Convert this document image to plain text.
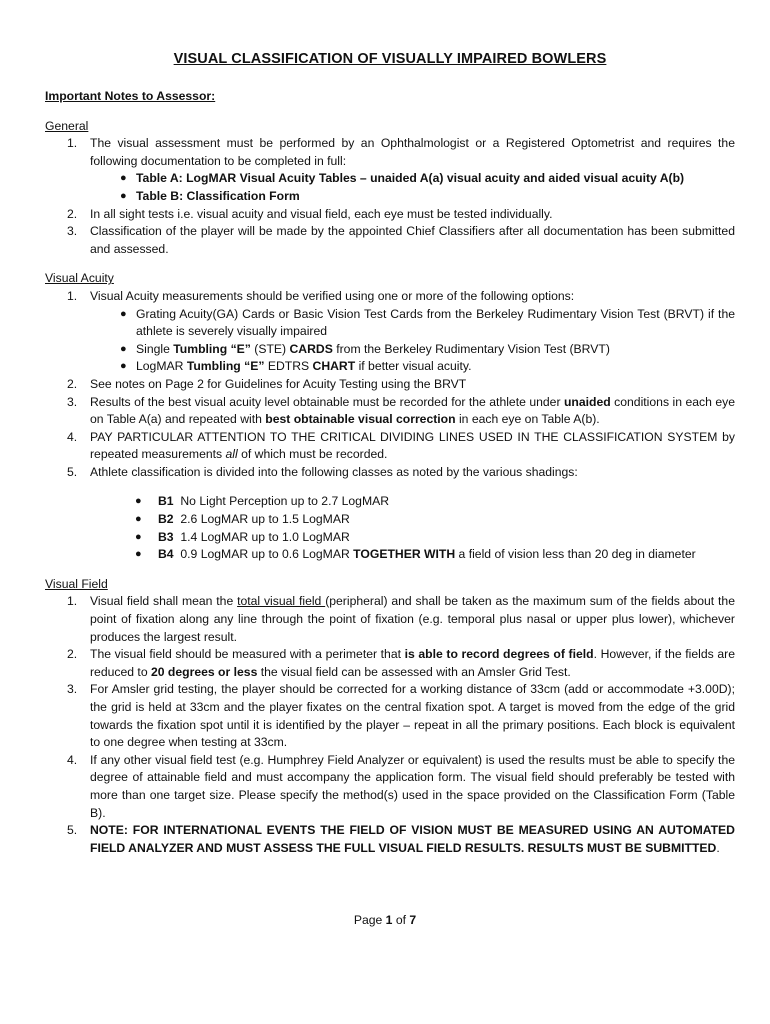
VISUAL CLASSIFICATION OF VISUALLY IMPAIRED BOWLERS
Important Notes to Assessor:
General
1. The visual assessment must be performed by an Ophthalmologist or a Registered Optometrist and requires the following documentation to be completed in full:
● Table A: LogMAR Visual Acuity Tables – unaided A(a) visual acuity and aided visual acuity A(b)
● Table B: Classification Form
2. In all sight tests i.e. visual acuity and visual field, each eye must be tested individually.
3. Classification of the player will be made by the appointed Chief Classifiers after all documentation has been submitted and assessed.
Visual Acuity
1. Visual Acuity measurements should be verified using one or more of the following options:
● Grating Acuity(GA) Cards or Basic Vision Test Cards from the Berkeley Rudimentary Vision Test (BRVT) if the athlete is severely visually impaired
● Single Tumbling “E” (STE) CARDS from the Berkeley Rudimentary Vision Test (BRVT)
● LogMAR Tumbling “E” EDTRS CHART if better visual acuity.
2. See notes on Page 2 for Guidelines for Acuity Testing using the BRVT
3. Results of the best visual acuity level obtainable must be recorded for the athlete under unaided conditions in each eye on Table A(a) and repeated with best obtainable visual correction in each eye on Table A(b).
4. PAY PARTICULAR ATTENTION TO THE CRITICAL DIVIDING LINES USED IN THE CLASSIFICATION SYSTEM by repeated measurements all of which must be recorded.
5. Athlete classification is divided into the following classes as noted by the various shadings:
● B1 No Light Perception up to 2.7 LogMAR
● B2 2.6 LogMAR up to 1.5 LogMAR
● B3 1.4 LogMAR up to 1.0 LogMAR
● B4 0.9 LogMAR up to 0.6 LogMAR TOGETHER WITH a field of vision less than 20 deg in diameter
Visual Field
1. Visual field shall mean the total visual field (peripheral) and shall be taken as the maximum sum of the fields about the point of fixation along any line through the point of fixation (e.g. temporal plus nasal or upper plus lower), whichever produces the largest result.
2. The visual field should be measured with a perimeter that is able to record degrees of field. However, if the fields are reduced to 20 degrees or less the visual field can be assessed with an Amsler Grid Test.
3. For Amsler grid testing, the player should be corrected for a working distance of 33cm (add or accommodate +3.00D); the grid is held at 33cm and the player fixates on the central fixation spot. A target is moved from the edge of the grid towards the fixation spot until it is identified by the player – repeat in all the primary positions. Each block is equivalent to one degree when testing at 33cm.
4. If any other visual field test (e.g. Humphrey Field Analyzer or equivalent) is used the results must be able to specify the degree of attainable field and must accompany the application form. The visual field should preferably be tested with more than one target size. Please specify the method(s) used in the space provided on the Classification Form (Table B).
5. NOTE: FOR INTERNATIONAL EVENTS THE FIELD OF VISION MUST BE MEASURED USING AN AUTOMATED FIELD ANALYZER AND MUST ASSESS THE FULL VISUAL FIELD RESULTS. RESULTS MUST BE SUBMITTED.
Page 1 of 7
